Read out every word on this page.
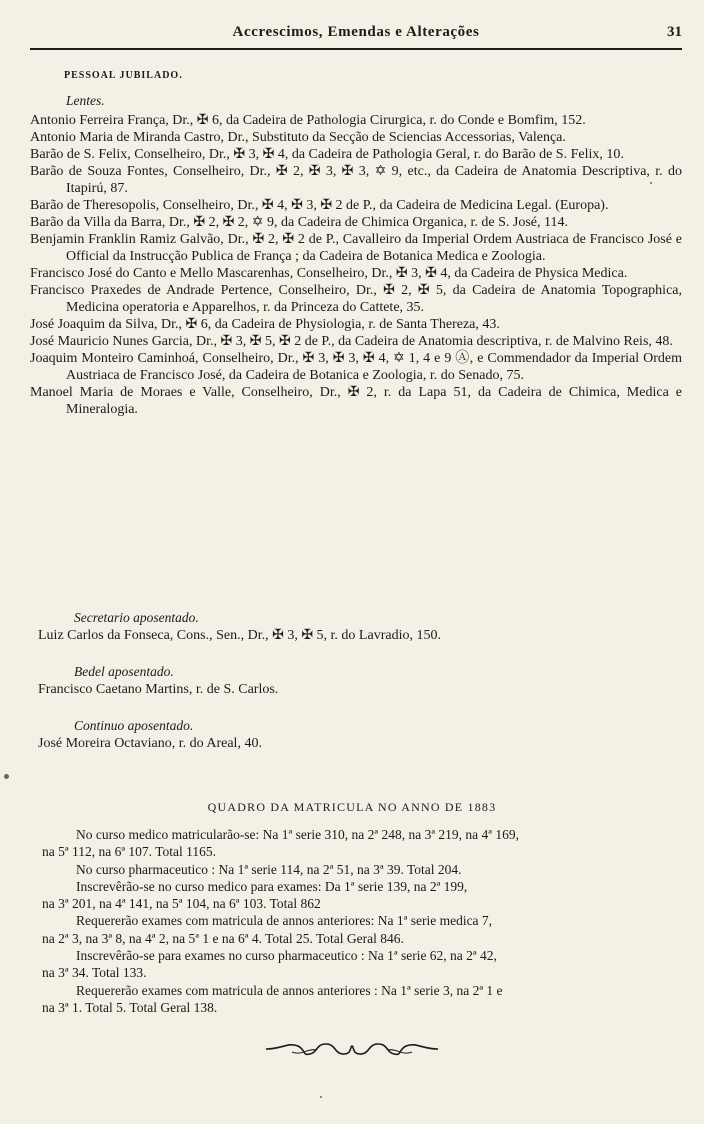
Accrescimos, Emendas e Alterações	31
PESSOAL JUBILADO.
Lentes.

Antonio Ferreira França, Dr., ✠ 6, da Cadeira de Pathologia Cirurgica, r. do Conde e Bomfim, 152.

Antonio Maria de Miranda Castro, Dr., Substituto da Secção de Sciencias Accessorias, Valença.

Barão de S. Felix, Conselheiro, Dr., ✠ 3, ✠ 4, da Cadeira de Pathologia Geral, r. do Barão de S. Felix, 10.

Barão de Souza Fontes, Conselheiro, Dr., ✠ 2, ✠ 3, ✠ 3, ✡ 9, etc., da Cadeira de Anatomia Descriptiva, r. do Itapirú, 87.

Barão de Theresopolis, Conselheiro, Dr., ✠ 4, ✠ 3, ✠ 2 de P., da Cadeira de Medicina Legal. (Europa).

Barão da Villa da Barra, Dr., ✠ 2, ✠ 2, ✡ 9, da Cadeira de Chimica Organica, r. de S. José, 114.

Benjamin Franklin Ramiz Galvão, Dr., ✠ 2, ✠ 2 de P., Cavalleiro da Imperial Ordem Austriaca de Francisco José e Official da Instrucção Publica de França ; da Cadeira de Botanica Medica e Zoologia.

Francisco José do Canto e Mello Mascarenhas, Conselheiro, Dr., ✠ 3, ✠ 4, da Cadeira de Physica Medica.

Francisco Praxedes de Andrade Pertence, Conselheiro, Dr., ✠ 2, ✠ 5, da Cadeira de Anatomia Topographica, Medicina operatoria e Apparelhos, r. da Princeza do Cattete, 35.

José Joaquim da Silva, Dr., ✠ 6, da Cadeira de Physiologia, r. de Santa Thereza, 43.

José Mauricio Nunes Garcia, Dr., ✠ 3, ✠ 5, ✠ 2 de P., da Cadeira de Anatomia descriptiva, r. de Malvino Reis, 48.

Joaquim Monteiro Caminhoá, Conselheiro, Dr., ✠ 3, ✠ 3, ✠ 4, ✡ 1, 4 e 9 Ⓐ, e Commendador da Imperial Ordem Austriaca de Francisco José, da Cadeira de Botanica e Zoologia, r. do Senado, 75.

Manoel Maria de Moraes e Valle, Conselheiro, Dr., ✠ 2, r. da Lapa 51, da Cadeira de Chimica, Medica e Mineralogia.

Secretario aposentado.
Luiz Carlos da Fonseca, Cons., Sen., Dr., ✠ 3, ✠ 5, r. do Lavradio, 150.
Bedel aposentado.
Francisco Caetano Martins, r. de S. Carlos.
Continuo aposentado.
José Moreira Octaviano, r. do Areal, 40.
QUADRO DA MATRICULA NO ANNO DE 1883
No curso medico matricularão-se: Na 1ª serie 310, na 2ª 248, na 3ª 219, na 4ª 169,
na 5ª 112, na 6ª 107. Total 1165.
No curso pharmaceutico : Na 1ª serie 114, na 2ª 51, na 3ª 39. Total 204.
Inscrevêrão-se no curso medico para exames: Da 1ª serie 139, na 2ª 199,
na 3ª 201, na 4ª 141, na 5ª 104, na 6ª 103. Total 862
Requererão exames com matricula de annos anteriores: Na 1ª serie medica 7,
na 2ª 3, na 3ª 8, na 4ª 2, na 5ª 1 e na 6ª 4. Total 25. Total Geral 846.
Inscrevêrão-se para exames no curso pharmaceutico : Na 1ª serie 62, na 2ª 42,
na 3ª 34. Total 133.
Requererão exames com matricula de annos anteriores : Na 1ª serie 3, na 2ª 1 e
na 3ª 1. Total 5. Total Geral 138.
